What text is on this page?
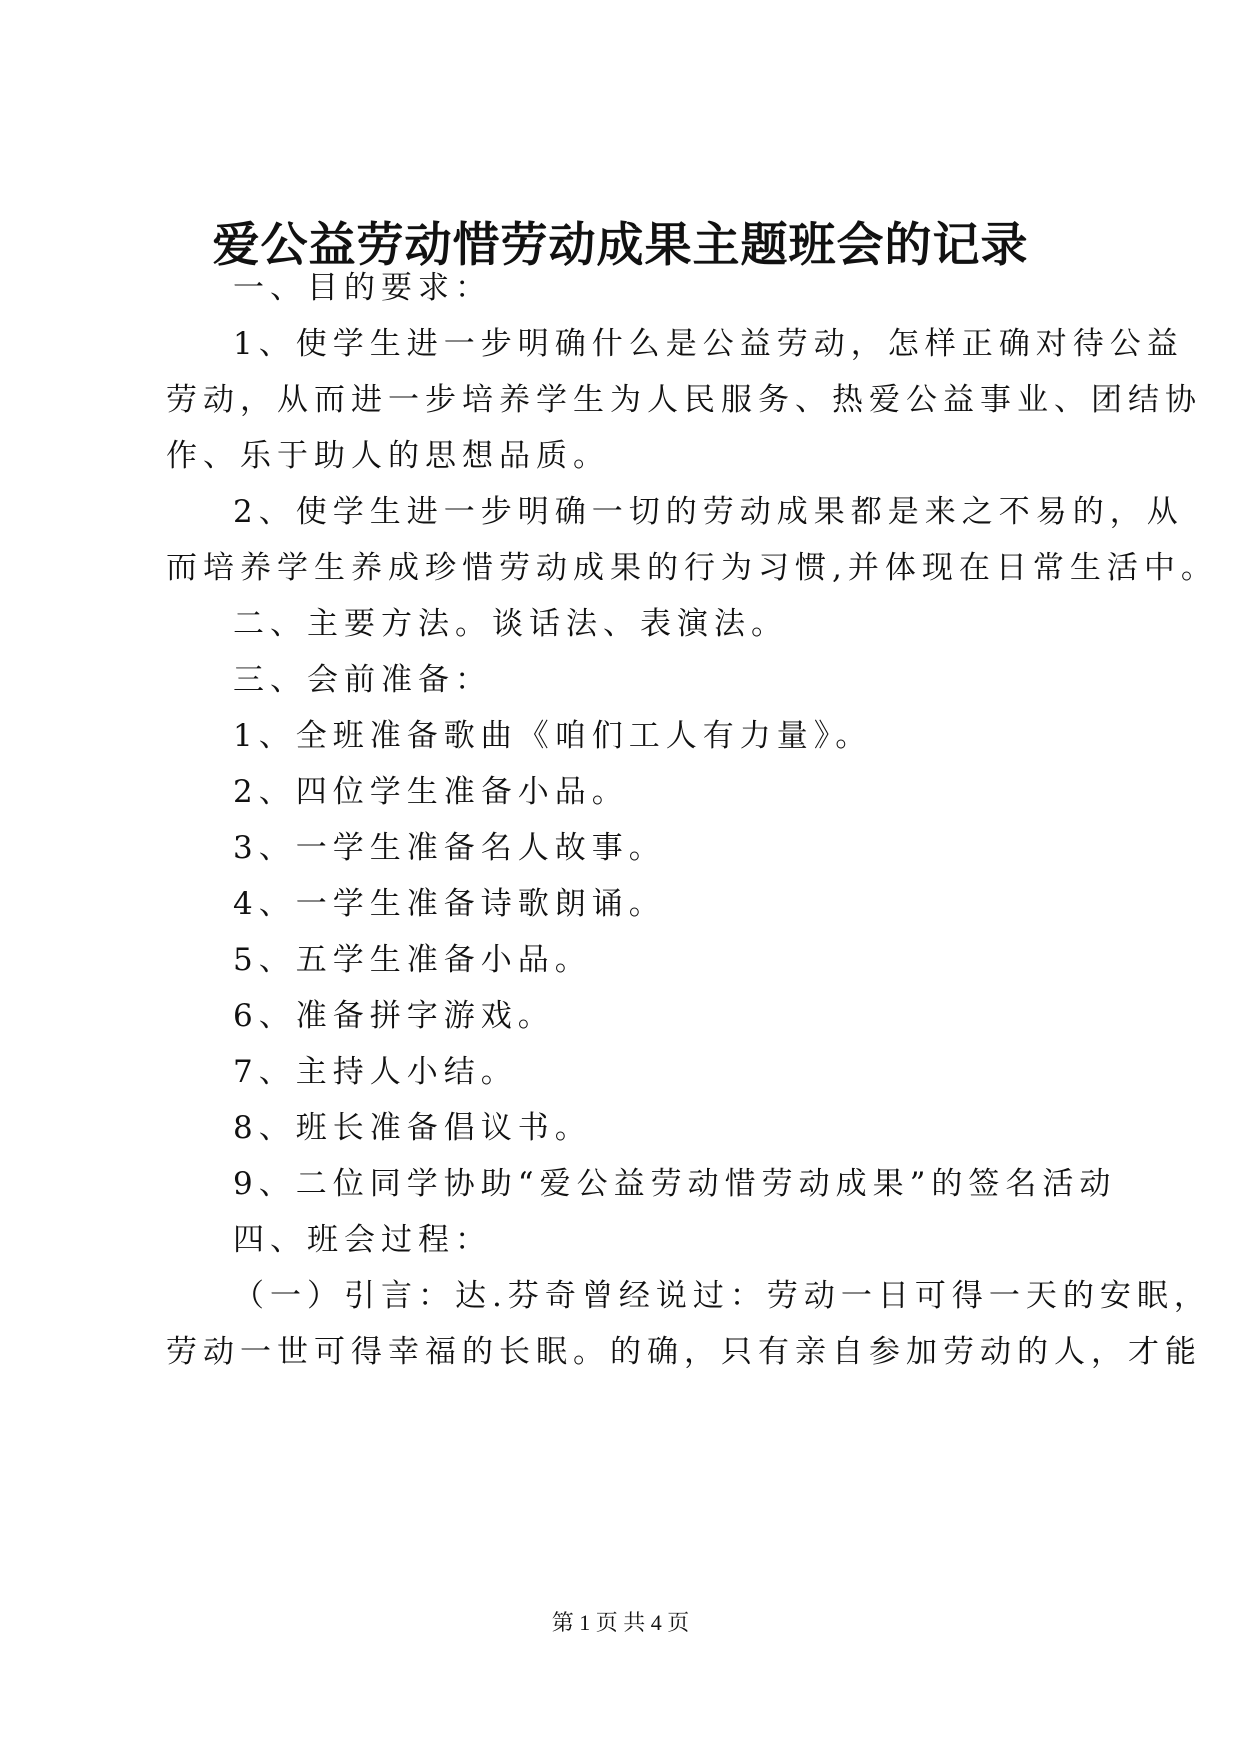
爱公益劳动惜劳动成果主题班会的记录
一、目的要求：
1、使学生进一步明确什么是公益劳动，怎样正确对待公益
劳动，从而进一步培养学生为人民服务、热爱公益事业、团结协
作、乐于助人的思想品质。
2、使学生进一步明确一切的劳动成果都是来之不易的，从
而培养学生养成珍惜劳动成果的行为习惯,并体现在日常生活中。
二、主要方法。谈话法、表演法。
三、会前准备：
1、全班准备歌曲《咱们工人有力量》。
2、四位学生准备小品。
3、一学生准备名人故事。
4、一学生准备诗歌朗诵。
5、五学生准备小品。
6、准备拼字游戏。
7、主持人小结。
8、班长准备倡议书。
9、二位同学协助“爱公益劳动惜劳动成果”的签名活动
四、班会过程：
（一）引言：达.芬奇曾经说过：劳动一日可得一天的安眠，
劳动一世可得幸福的长眠。的确，只有亲自参加劳动的人，才能
第 1 页 共 4 页
